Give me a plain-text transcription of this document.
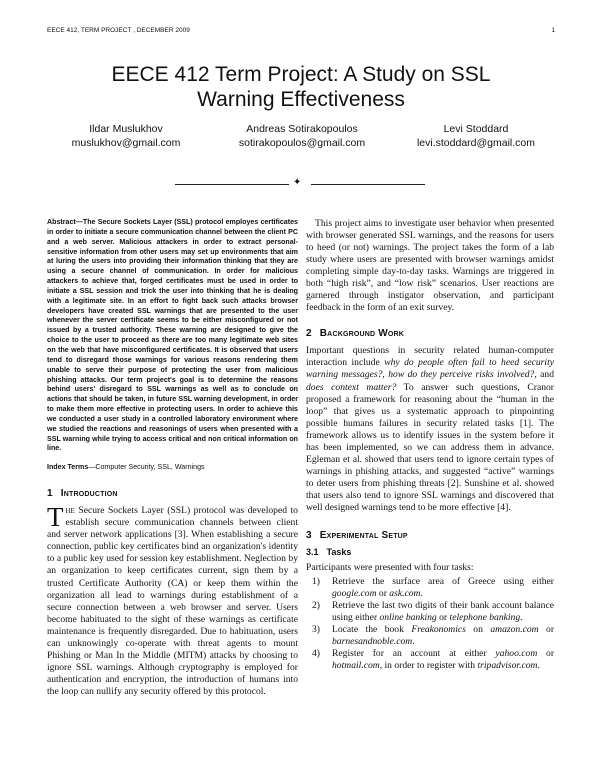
EECE 412, TERM PROJECT , DECEMBER 2009	1
EECE 412 Term Project: A Study on SSL
Warning Effectiveness
Ildar Muslukhov
muslukhov@gmail.com
Andreas Sotirakopoulos
sotirakopoulos@gmail.com
Levi Stoddard
levi.stoddard@gmail.com
✦

Abstract—The Secure Sockets Layer (SSL) protocol employes certificates in order to initiate a secure communication channel between the client PC and a web server. Malicious attackers in order to extract personal-sensitive information from other users may set up environments that aim at luring the users into providing their information thinking that they are using a secure channel of communication. In order for malicious attackers to achieve that, forged certificates must be used in order to initiate a SSL session and trick the user into thinking that he is dealing with a legitimate site. In an effort to fight back such attacks browser developers have created SSL warnings that are presented to the user whenever the server certificate seems to be either misconfigured or not issued by a trusted authority. These warning are designed to give the choice to the user to proceed as there are too many legitimate web sites on the web that have misconfigured certificates. It is observed that users tend to disregard those warnings for various reasons rendering them unable to serve their purpose of protecting the user from malicious phishing attacks. Our term project's goal is to determine the reasons behind users' disregard to SSL warnings as well as to conclude on actions that should be taken, in future SSL warning development, in order to make them more effective in protecting users. In order to achieve this we conducted a user study in a controlled laboratory environment where we studied the reactions and reasonings of users when presented with a SSL warning while trying to access critical and non critical information on line.

Index Terms—Computer Security, SSL, Warnings

1 Introduction

The Secure Sockets Layer (SSL) protocol was developed to establish secure communication channels between client and server network applications [3]. When establishing a secure connection, public key certificates bind an organization's identity to a public key used for session key establishment. Neglection by an organization to keep certificates current, sign them by a trusted Certificate Authority (CA) or keep them within the organization all lead to warnings during establishment of a secure connection between a web browser and server. Users become habituated to the sight of these warnings as certificate maintenance is frequently disregarded. Due to habituation, users can unknowingly co-operate with threat agents to mount Phishing or Man In the Middle (MITM) attacks by choosing to ignore SSL warnings. Although cryptography is employed for authentication and encryption, the introduction of humans into the loop can nullify any security offered by this protocol.

This project aims to investigate user behavior when presented with browser generated SSL warnings, and the reasons for users to heed (or not) warnings. The project takes the form of a lab study where users are presented with browser warnings amidst completing simple day-to-day tasks. Warnings are triggered in both “high risk”, and “low risk” scenarios. User reactions are garnered through instigator observation, and participant feedback in the form of an exit survey.

2 Background Work

Important questions in security related human-computer interaction include why do people often fail to heed security warning messages?, how do they perceive risks involved?, and does context matter? To answer such questions, Cranor proposed a framework for reasoning about the “human in the loop” that gives us a systematic approach to pinpointing possible humans failures in security related tasks [1]. The framework allows us to identify issues in the system before it has been implemented, so we can address them in advance. Egleman et al. showed that users tend to ignore certain types of warnings in phishing attacks, and suggested “active” warnings to deter users from phishing threats [2]. Sunshine et al. showed that users also tend to ignore SSL warnings and discovered that well designed warnings tend to be more effective [4].

3 Experimental Setup
3.1 Tasks

Participants were presented with four tasks:

1) Retrieve the surface area of Greece using either google.com or ask.com.
2) Retrieve the last two digits of their bank account balance using either online banking or telephone banking.
3) Locate the book Freakonomics on amazon.com or barnesandnoble.com.
4) Register for an account at either yahoo.com or hotmail.com, in order to register with tripadvisor.com.
